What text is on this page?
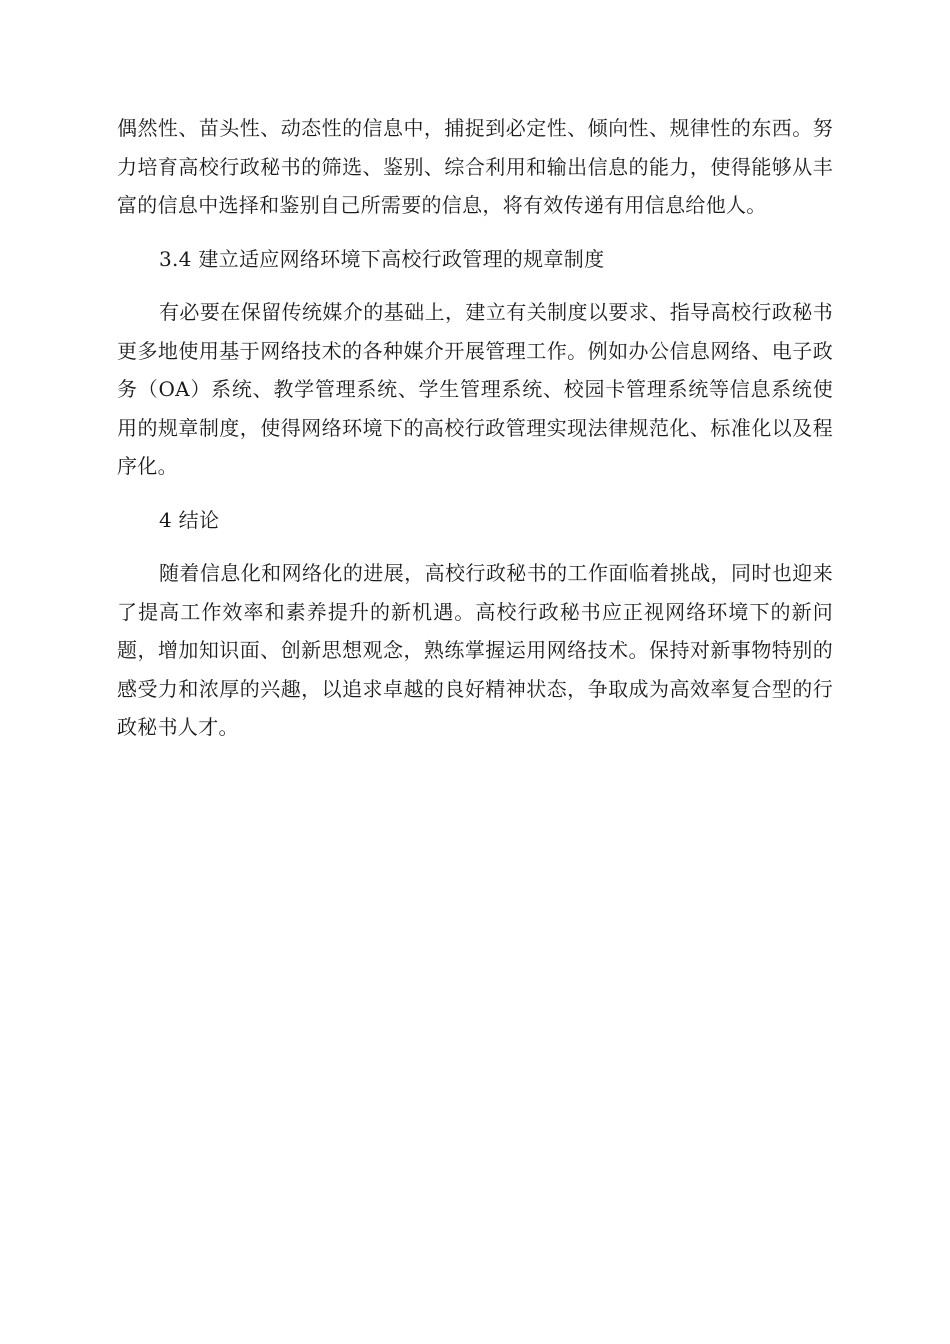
偶然性、苗头性、动态性的信息中，捕捉到必定性、倾向性、规律性的东西。努力培育高校行政秘书的筛选、鉴别、综合利用和输出信息的能力，使得能够从丰富的信息中选择和鉴别自己所需要的信息，将有效传递有用信息给他人。

3.4 建立适应网络环境下高校行政管理的规章制度

有必要在保留传统媒介的基础上，建立有关制度以要求、指导高校行政秘书更多地使用基于网络技术的各种媒介开展管理工作。例如办公信息网络、电子政务（OA）系统、教学管理系统、学生管理系统、校园卡管理系统等信息系统使用的规章制度，使得网络环境下的高校行政管理实现法律规范化、标准化以及程序化。

4 结论

随着信息化和网络化的进展，高校行政秘书的工作面临着挑战，同时也迎来了提高工作效率和素养提升的新机遇。高校行政秘书应正视网络环境下的新问题，增加知识面、创新思想观念，熟练掌握运用网络技术。保持对新事物特别的感受力和浓厚的兴趣，以追求卓越的良好精神状态，争取成为高效率复合型的行政秘书人才。
